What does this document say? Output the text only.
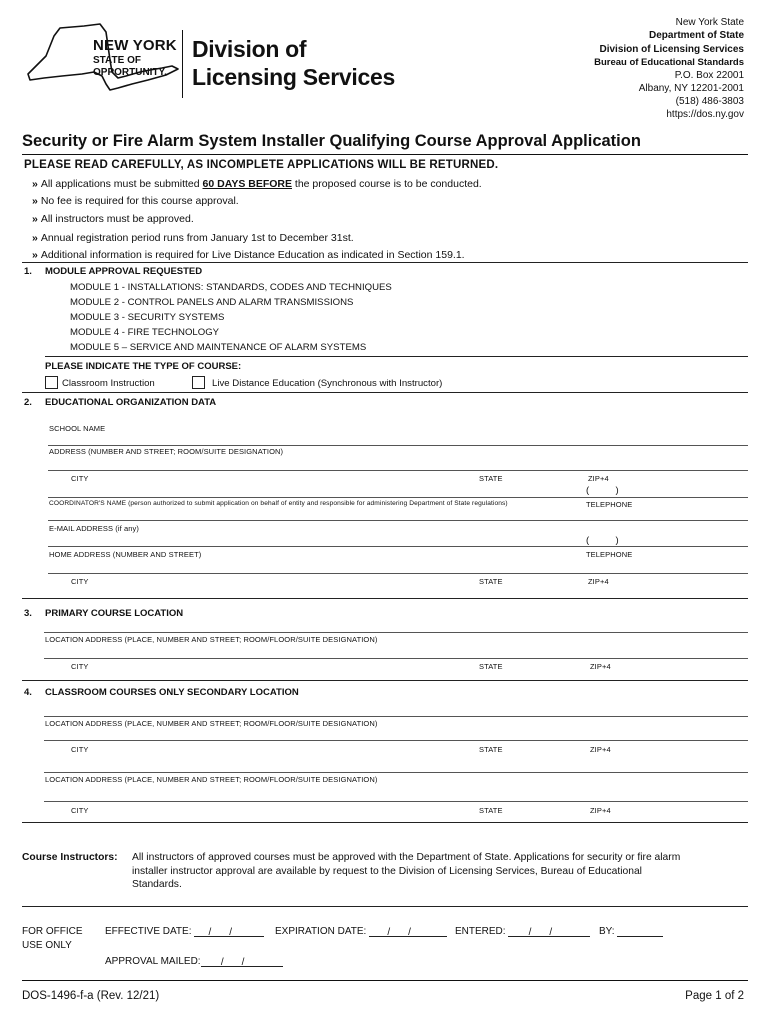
NEW YORK
STATE OF
OPPORTUNITY.
Division of
Licensing Services
New York State
Department of State
Division of Licensing Services
Bureau of Educational Standards
P.O. Box 22001
Albany, NY 12201-2001
(518) 486-3803
https://dos.ny.gov
Security or Fire Alarm System Installer Qualifying Course Approval Application
PLEASE READ CAREFULLY, AS INCOMPLETE APPLICATIONS WILL BE RETURNED.
» All applications must be submitted 60 DAYS BEFORE the proposed course is to be conducted.
» No fee is required for this course approval.
» All instructors must be approved.
» Annual registration period runs from January 1st to December 31st.
» Additional information is required for Live Distance Education as indicated in Section 159.1.
1. MODULE APPROVAL REQUESTED
MODULE 1 - INSTALLATIONS: STANDARDS, CODES AND TECHNIQUES
MODULE 2 - CONTROL PANELS AND ALARM TRANSMISSIONS
MODULE 3 - SECURITY SYSTEMS
MODULE 4 - FIRE TECHNOLOGY
MODULE 5 – SERVICE AND MAINTENANCE OF ALARM SYSTEMS
PLEASE INDICATE THE TYPE OF COURSE:
Classroom Instruction	Live Distance Education (Synchronous with Instructor)
2. EDUCATIONAL ORGANIZATION DATA
SCHOOL NAME
ADDRESS (NUMBER AND STREET; ROOM/SUITE DESIGNATION)
CITY	STATE	ZIP+4
(          )
COORDINATOR'S NAME (person authorized to submit application on behalf of entity and responsible for administering Department of State regulations)	TELEPHONE
E-MAIL ADDRESS (if any)
(          )
HOME ADDRESS (NUMBER AND STREET)	TELEPHONE
CITY	STATE	ZIP+4
3. PRIMARY COURSE LOCATION
LOCATION ADDRESS (PLACE, NUMBER AND STREET; ROOM/FLOOR/SUITE DESIGNATION)
CITY	STATE	ZIP+4
4. CLASSROOM COURSES ONLY SECONDARY LOCATION
LOCATION ADDRESS (PLACE, NUMBER AND STREET; ROOM/FLOOR/SUITE DESIGNATION)
CITY	STATE	ZIP+4
LOCATION ADDRESS (PLACE, NUMBER AND STREET; ROOM/FLOOR/SUITE DESIGNATION)
CITY	STATE	ZIP+4
Course Instructors: All instructors of approved courses must be approved with the Department of State. Applications for security or fire alarm
installer instructor approval are available by request to the Division of Licensing Services, Bureau of Educational
Standards.
FOR OFFICE
USE ONLY
EFFECTIVE DATE: //	EXPIRATION DATE: //	ENTERED: //	BY:
APPROVAL MAILED: //
DOS-1496-f-a (Rev. 12/21)	Page 1 of 2
